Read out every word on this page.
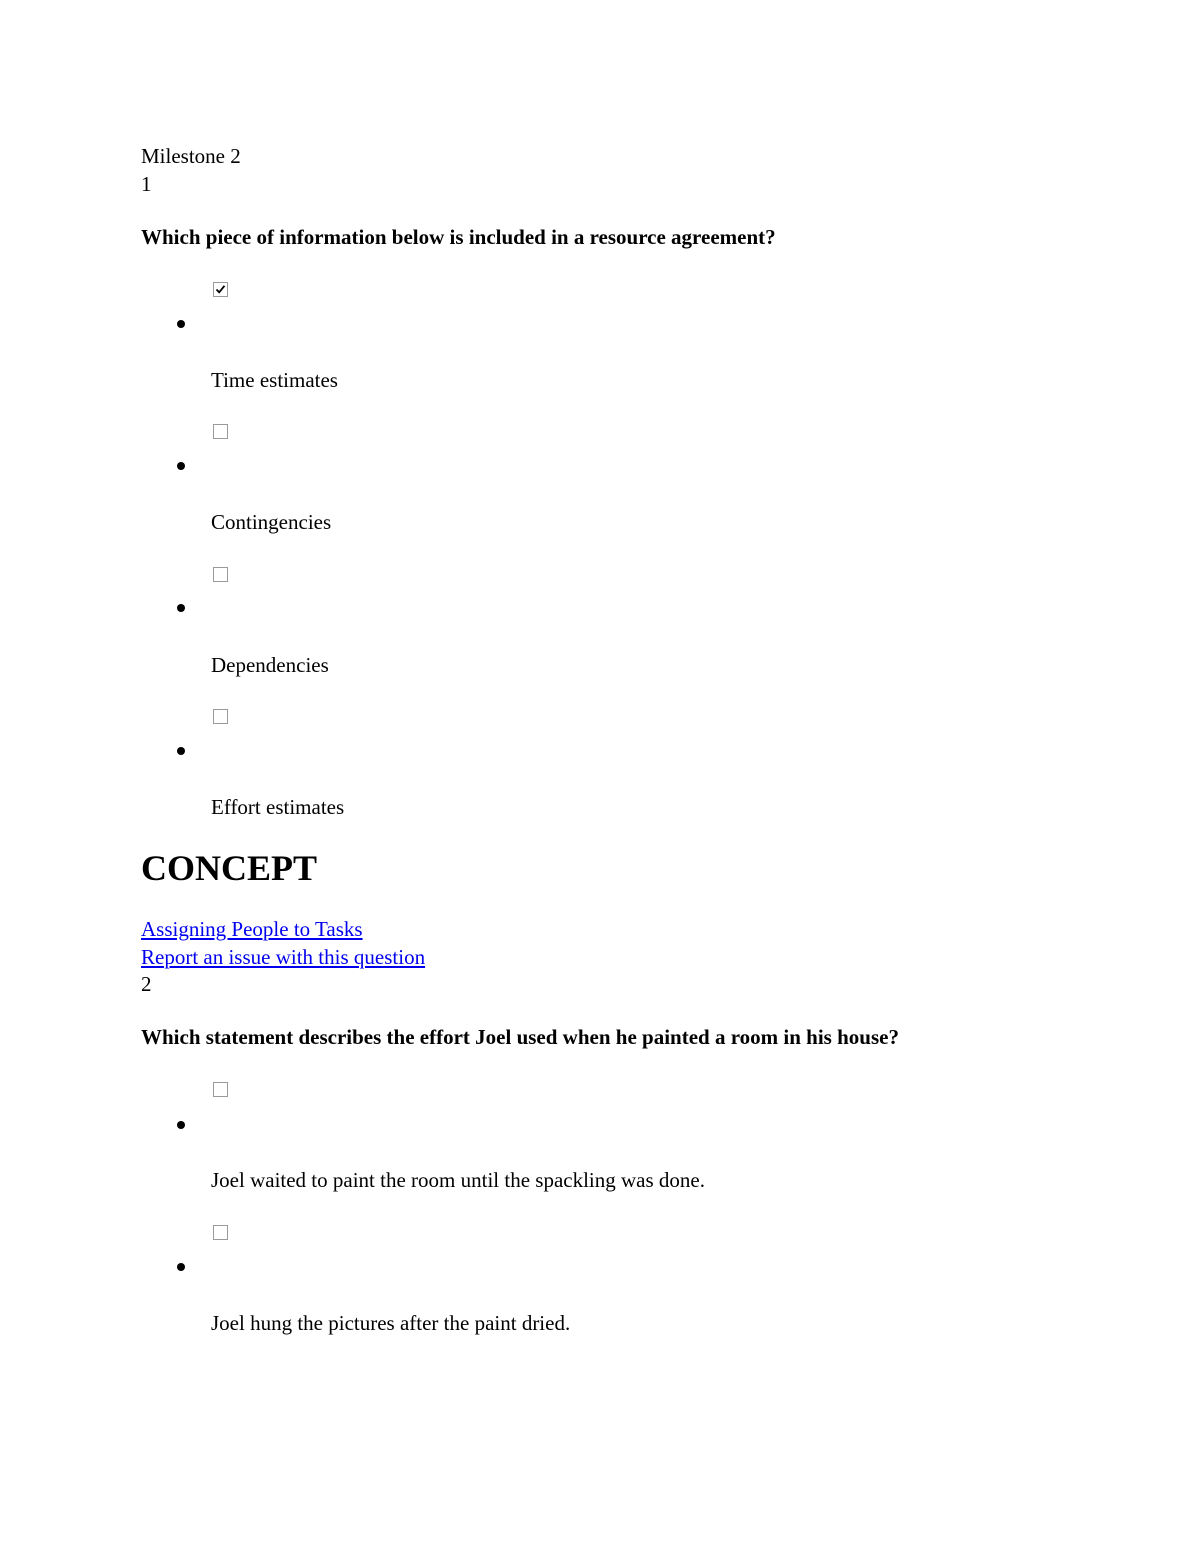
Milestone 2
1
Which piece of information below is included in a resource agreement?
Time estimates
Contingencies
Dependencies
Effort estimates
CONCEPT
Assigning People to Tasks
Report an issue with this question
2
Which statement describes the effort Joel used when he painted a room in his house?
Joel waited to paint the room until the spackling was done.
Joel hung the pictures after the paint dried.
